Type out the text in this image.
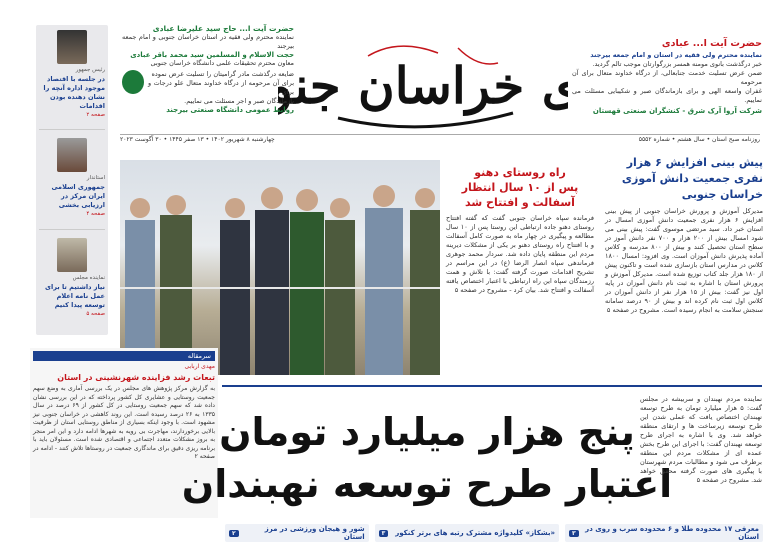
ی خراسان جنو
روزنامه صبح استان • سال هشتم • شماره ۵۵۵۲
چهارشنبه ۸ شهریور ۱۴۰۲ • ۱۳ صفر ۱۴۴۵ • ۳۰ آگوست ۲۰۲۳
حضرت آیت ا... عبادی
نماینده محترم ولی فقیه در استان و امام جمعه بیرجند
خبر درگذشت بانوی مومنه همسر بزرگوارتان موجب تالم گردید.
ضمن عرض تسلیت خدمت جنابعالی، از درگاه خداوند متعال برای آن مرحومه
غفران واسعه الهی و برای بازماندگان صبر و شکیبایی مسئلت می نماییم.
شرکت آروا آرک شرق - کنشگران صنعتی قهستان
حضرت آیت ا... حاج سید علیرضا عبادی
نماینده محترم ولی فقیه در استان خراسان جنوبی و امام جمعه بیرجند
حجت الاسلام و المسلمین سید محمد باقر عبادی
معاون محترم تحقیقات علمی دانشگاه خراسان جنوبی
ضایعه درگذشت مادر گرامیتان را تسلیت عرض نموده
برای آن مرحومه از درگاه خداوند متعال علو درجات و برای
بازماندگان صبر و اجر مسئلت می نماییم.
روابط عمومی دانشگاه صنعتی بیرجند
رئیس جمهور
در جلسه با اقتصاد موجود اداره آنچه را نشان دهنده بودن اقدامات
صفحه ۲
استاندار
جمهوری اسلامی ایران مرکز در ارزیابی بخشی
صفحه ۴
نماینده مجلس
نیاز داشتیم تا برای عمل نامه اعلام توسعه پیدا کنیم
صفحه ۵
راه روستای دهنو
پس از ۱۰ سال انتظار
آسفالت و افتتاح شد
فرمانده سپاه خراسان جنوبی گفت که گفته افتتاح روستای دهنو جاده ارتباطی این روستا پس از ۱۰ سال مطالعه و پیگیری در چهار ماه به صورت کامل آسفالت و با افتتاح راه روستای دهنو بر یکی از مشکلات دیرینه مردم این منطقه پایان داده شد. سردار محمد جوهری فرماندهی سپاه انصار الرضا (ع) در این مراسم در تشریح اقدامات صورت گرفته گفت: با تلاش و همت رزمندگان سپاه این راه ارتباطی با اعتبار اختصاص یافته آسفالت و افتتاح شد. بیان کرد - مشروح در صفحه ۵
پیش بینی افزایش ۶ هزار نفری جمعیت دانش آموزی خراسان جنوبی
مدیرکل آموزش و پرورش خراسان جنوبی از پیش بینی افزایش ۶ هزار نفری جمعیت دانش آموزی امسال در استان خبر داد. سید مرتضی موسوی گفت: پیش بینی می شود امسال بیش از ۲۰۰ هزار و ۷۰۰ نفر دانش آموز در سطح استان تحصیل کنند و بیش از ۸۰۰ مدرسه و کلاس آماده پذیرش دانش آموزان است. وی افزود: امسال ۱۸۰۰ کلاس در مدارس استان بازسازی شده است و تاکنون پیش از ۱۸۰ هزار جلد کتاب توزیع شده است. مدیرکل آموزش و پرورش استان با اشاره به ثبت نام دانش آموزان در پایه اول نیز گفت: بیش از ۱۵ هزار نفر از دانش آموزان در کلاس اول ثبت نام کرده اند و بیش از ۹۰ درصد سامانه سنجش سلامت به انجام رسیده است. مشروح در صفحه ۵
سرمقاله
مهدی اربابی
تبعات رشد فزاینده شهرنشینی در استان
به گزارش مرکز پژوهش های مجلس در یک بررسی آماری به وضع سهم جمعیت روستایی و عشایری کل کشور پرداخته که در این بررسی نشان داده شد که سهم جمعیت روستایی در کل کشور از ۶۹ درصد در سال ۱۳۳۵ به ۲۶ درصد رسیده است. این روند کاهشی در خراسان جنوبی نیز مشهود است. با وجود اینکه بسیاری از مناطق روستایی استان از ظرفیت بالایی برخوردارند، مهاجرت بی رویه به شهرها ادامه دارد و این امر منجر به بروز مشکلات متعدد اجتماعی و اقتصادی شده است. مسئولان باید با برنامه ریزی دقیق برای ماندگاری جمعیت در روستاها تلاش کنند - ادامه در صفحه ۲
پنج هزار میلیارد تومان
اعتبار طرح توسعه نهبندان
نماینده مردم نهبندان و سربیشه در مجلس گفت: ۵ هزار میلیارد تومان به طرح توسعه نهبندان اختصاص یافت که عملی شدن این طرح توسعه زیرساخت ها و ارتقای منطقه خواهد شد. وی با اشاره به اجرای طرح توسعه نهبندان گفت: با اجرای این طرح بخش عمده ای از مشکلات مردم این منطقه برطرف می شود و مطالبات مردم شهرستان با پیگیری های صورت گرفته محقق خواهد شد. مشروح در صفحه ۵
معرفی ۱۷ محدوده طلا و ۶ محدوده سرب و روی در استان
۳
«بشکاز» کلیدواژه مشترک رتبه های برتر کنکور
۳
شور و هیجان ورزشی در مرز استان
۲
